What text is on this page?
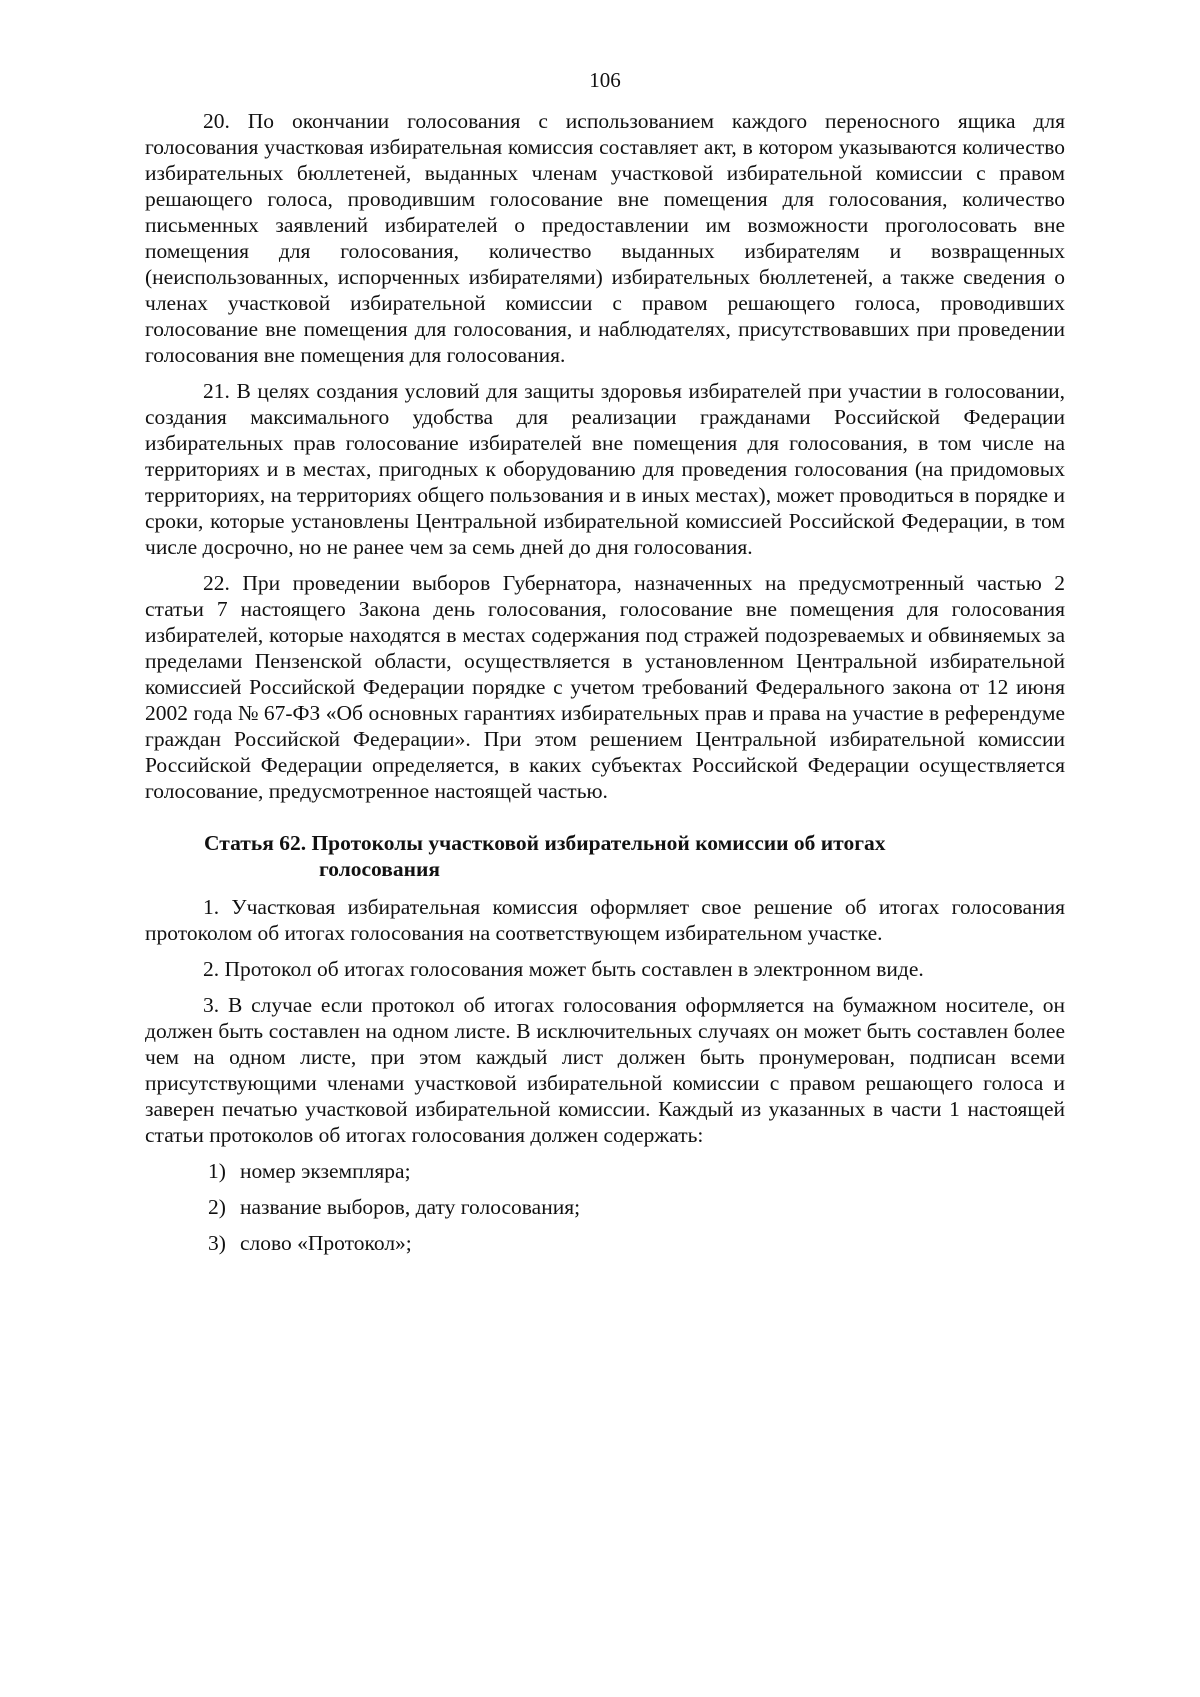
106

20. По окончании голосования с использованием каждого переносного ящика для голосования участковая избирательная комиссия составляет акт, в котором указываются количество избирательных бюллетеней, выданных членам участковой избирательной комиссии с правом решающего голоса, проводившим голосование вне помещения для голосования, количество письменных заявлений избирателей о предоставлении им возможности проголосовать вне помещения для голосования, количество выданных избирателям и возвращенных (неиспользованных, испорченных избирателями) избирательных бюллетеней, а также сведения о членах участковой избирательной комиссии с правом решающего голоса, проводивших голосование вне помещения для голосования, и наблюдателях, присутствовавших при проведении голосования вне помещения для голосования.

21. В целях создания условий для защиты здоровья избирателей при участии в голосовании, создания максимального удобства для реализации гражданами Российской Федерации избирательных прав голосование избирателей вне помещения для голосования, в том числе на территориях и в местах, пригодных к оборудованию для проведения голосования (на придомовых территориях, на территориях общего пользования и в иных местах), может проводиться в порядке и сроки, которые установлены Центральной избирательной комиссией Российской Федерации, в том числе досрочно, но не ранее чем за семь дней до дня голосования.

22. При проведении выборов Губернатора, назначенных на предусмотренный частью 2 статьи 7 настоящего Закона день голосования, голосование вне помещения для голосования избирателей, которые находятся в местах содержания под стражей подозреваемых и обвиняемых за пределами Пензенской области, осуществляется в установленном Центральной избирательной комиссией Российской Федерации порядке с учетом требований Федерального закона от 12 июня 2002 года № 67-ФЗ «Об основных гарантиях избирательных прав и права на участие в референдуме граждан Российской Федерации». При этом решением Центральной избирательной комиссии Российской Федерации определяется, в каких субъектах Российской Федерации осуществляется голосование, предусмотренное настоящей частью.

Статья 62. Протоколы участковой избирательной комиссии об итогах
голосования

1. Участковая избирательная комиссия оформляет свое решение об итогах голосования протоколом об итогах голосования на соответствующем избирательном участке.

2. Протокол об итогах голосования может быть составлен в электронном виде.

3. В случае если протокол об итогах голосования оформляется на бумажном носителе, он должен быть составлен на одном листе. В исключительных случаях он может быть составлен более чем на одном листе, при этом каждый лист должен быть пронумерован, подписан всеми присутствующими членами участковой избирательной комиссии с правом решающего голоса и заверен печатью участковой избирательной комиссии. Каждый из указанных в части 1 настоящей статьи протоколов об итогах голосования должен содержать:

1) номер экземпляра;
2) название выборов, дату голосования;
3) слово «Протокол»;
